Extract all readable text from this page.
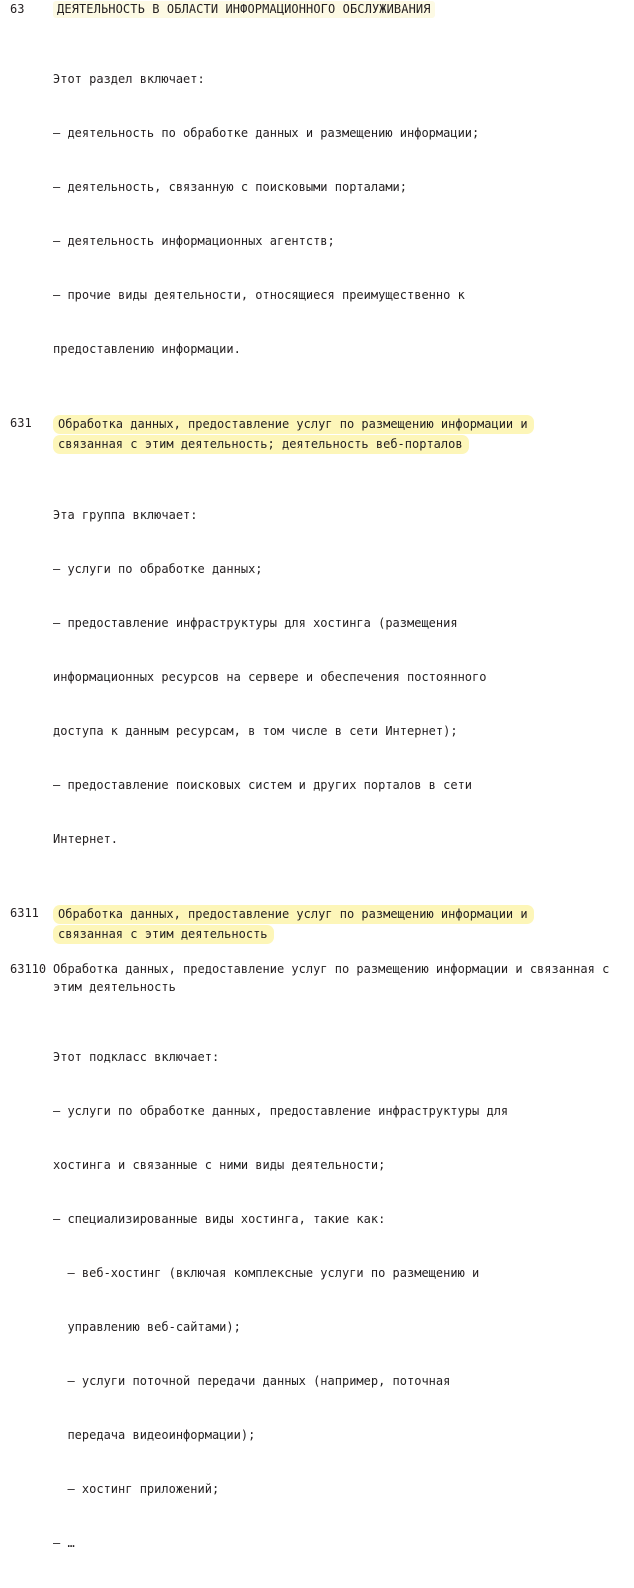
63	ДЕЯТЕЛЬНОСТЬ В ОБЛАСТИ ИНФОРМАЦИОННОГО ОБСЛУЖИВАНИЯ

Этот раздел включает:

– деятельность по обработке данных и размещению информации;

– деятельность, связанную с поисковыми порталами;

– деятельность информационных агентств;

– прочие виды деятельности, относящиеся преимущественно к

предоставлению информации.

631	Обработка данных, предоставление услуг по размещению информации и связанная с этим деятельность; деятельность веб-порталов

Эта группа включает:

– услуги по обработке данных;

– предоставление инфраструктуры для хостинга (размещения

информационных ресурсов на сервере и обеспечения постоянного

доступа к данным ресурсам, в том числе в сети Интернет);

– предоставление поисковых систем и других порталов в сети

Интернет.

6311	Обработка данных, предоставление услуг по размещению информации и связанная с этим деятельность
63110 Обработка данных, предоставление услуг по размещению информации и связанная с этим деятельность

Этот подкласс включает:

– услуги по обработке данных, предоставление инфраструктуры для

хостинга и связанные с ними виды деятельности;

– специализированные виды хостинга, такие как:

– веб-хостинг (включая комплексные услуги по размещению и

управлению веб-сайтами);

– услуги поточной передачи данных (например, поточная

передача видеоинформации);

– хостинг приложений;

– …
